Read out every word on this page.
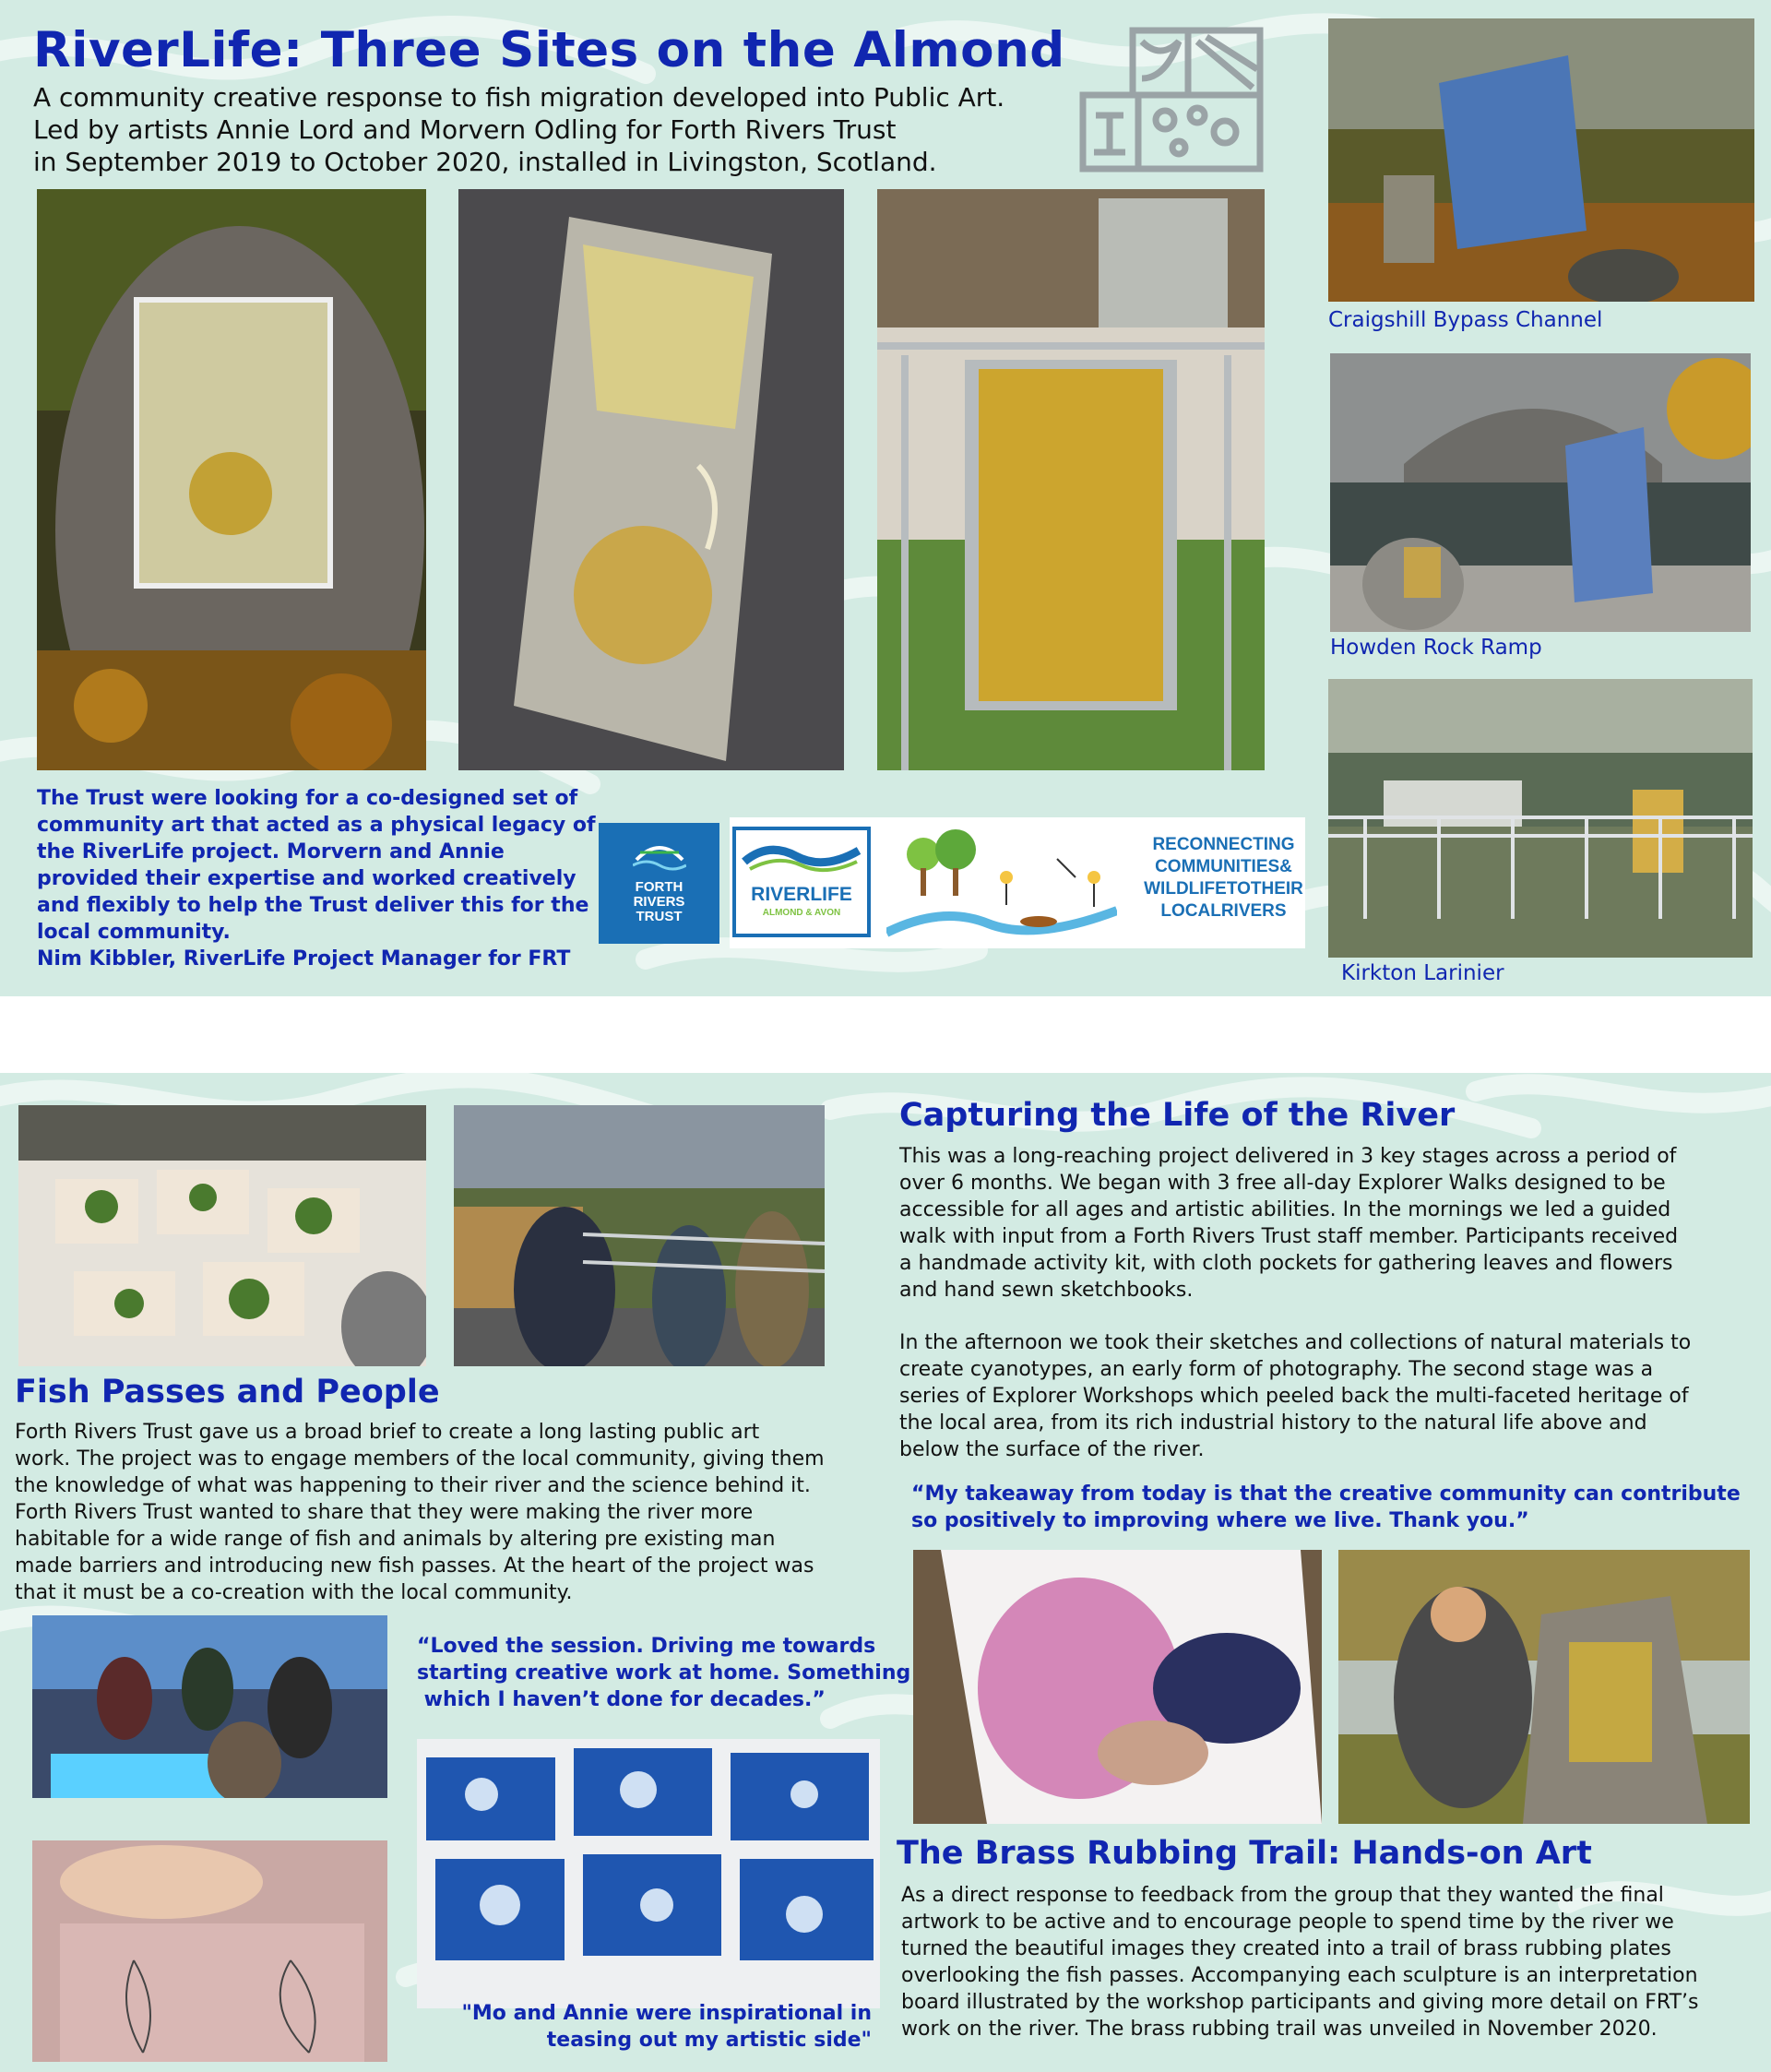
RiverLife: Three Sites on the Almond
A community creative response to fish migration developed into Public Art.
Led by artists Annie Lord and Morvern Odling for Forth Rivers Trust
in September 2019 to October 2020, installed in Livingston, Scotland.
Craigshill Bypass Channel
Howden Rock Ramp
Kirkton Larinier
The Trust were looking for a co-designed set of
community art that acted as a physical legacy of
the RiverLife project. Morvern and Annie
provided their expertise and worked creatively
and flexibly to help the Trust deliver this for the
local community.
Nim Kibbler, RiverLife Project Manager for FRT
FORTH
RIVERS
TRUST
RIVERLIFE
ALMOND & AVON
RECONNECTING
COMMUNITIES&
WILDLIFETOTHEIR
LOCALRIVERS
Fish Passes and People
Forth Rivers Trust gave us a broad brief to create a long lasting public art
work. The project was to engage members of the local community, giving them
the knowledge of what was happening to their river and the science behind it.
Forth Rivers Trust wanted to share that they were making the river more
habitable for a wide range of fish and animals by altering pre existing man
made barriers and introducing new fish passes. At the heart of the project was
that it must be a co-creation with the local community.
“Loved the session. Driving me towards
starting creative work at home. Something
which I haven’t done for decades.”
"Mo and Annie were inspirational in
teasing out my artistic side"
Capturing the Life of the River
This was a long-reaching project delivered in 3 key stages across a period of
over 6 months. We began with 3 free all-day Explorer Walks designed to be
accessible for all ages and artistic abilities. In the mornings we led a guided
walk with input from a Forth Rivers Trust staff member. Participants received
a handmade activity kit, with cloth pockets for gathering leaves and flowers
and hand sewn sketchbooks.
In the afternoon we took their sketches and collections of natural materials to
create cyanotypes, an early form of photography. The second stage was a
series of Explorer Workshops which peeled back the multi-faceted heritage of
the local area, from its rich industrial history to the natural life above and
below the surface of the river.
“My takeaway from today is that the creative community can contribute
so positively to improving where we live. Thank you.”
The Brass Rubbing Trail: Hands-on Art
As a direct response to feedback from the group that they wanted the final
artwork to be active and to encourage people to spend time by the river we
turned the beautiful images they created into a trail of brass rubbing plates
overlooking the fish passes. Accompanying each sculpture is an interpretation
board illustrated by the workshop participants and giving more detail on FRT’s
work on the river. The brass rubbing trail was unveiled in November 2020.
